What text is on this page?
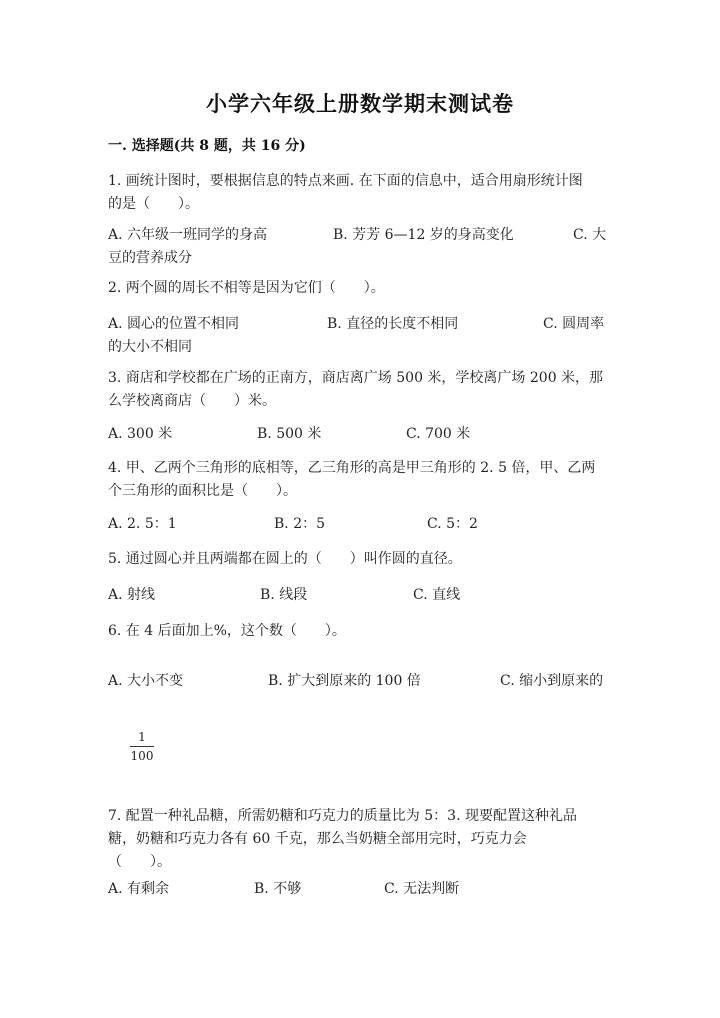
小学六年级上册数学期末测试卷
一. 选择题(共 8 题，共 16 分)
1. 画统计图时，要根据信息的特点来画. 在下面的信息中，适合用扇形统计图
的是（　　）。
A. 六年级一班同学的身高	B. 芳芳 6—12 岁的身高变化	C. 大
豆的营养成分
2. 两个圆的周长不相等是因为它们（　　）。
A. 圆心的位置不相同	B. 直径的长度不相同	C. 圆周率
的大小不相同
3. 商店和学校都在广场的正南方，商店离广场 500 米，学校离广场 200 米，那
么学校离商店（　　）米。
A. 300 米	B. 500 米	C. 700 米
4. 甲、乙两个三角形的底相等，乙三角形的高是甲三角形的 2. 5 倍，甲、乙两
个三角形的面积比是（　　）。
A. 2. 5：1	B. 2：5	C. 5：2
5. 通过圆心并且两端都在圆上的（　　）叫作圆的直径。
A. 射线	B. 线段	C. 直线
6. 在 4 后面加上%，这个数（　　）。
A. 大小不变	B. 扩大到原来的 100 倍	C. 缩小到原来的
1
100
7. 配置一种礼品糖，所需奶糖和巧克力的质量比为 5：3. 现要配置这种礼品
糖，奶糖和巧克力各有 60 千克，那么当奶糖全部用完时，巧克力会
（　　）。
A. 有剩余	B. 不够	C. 无法判断
